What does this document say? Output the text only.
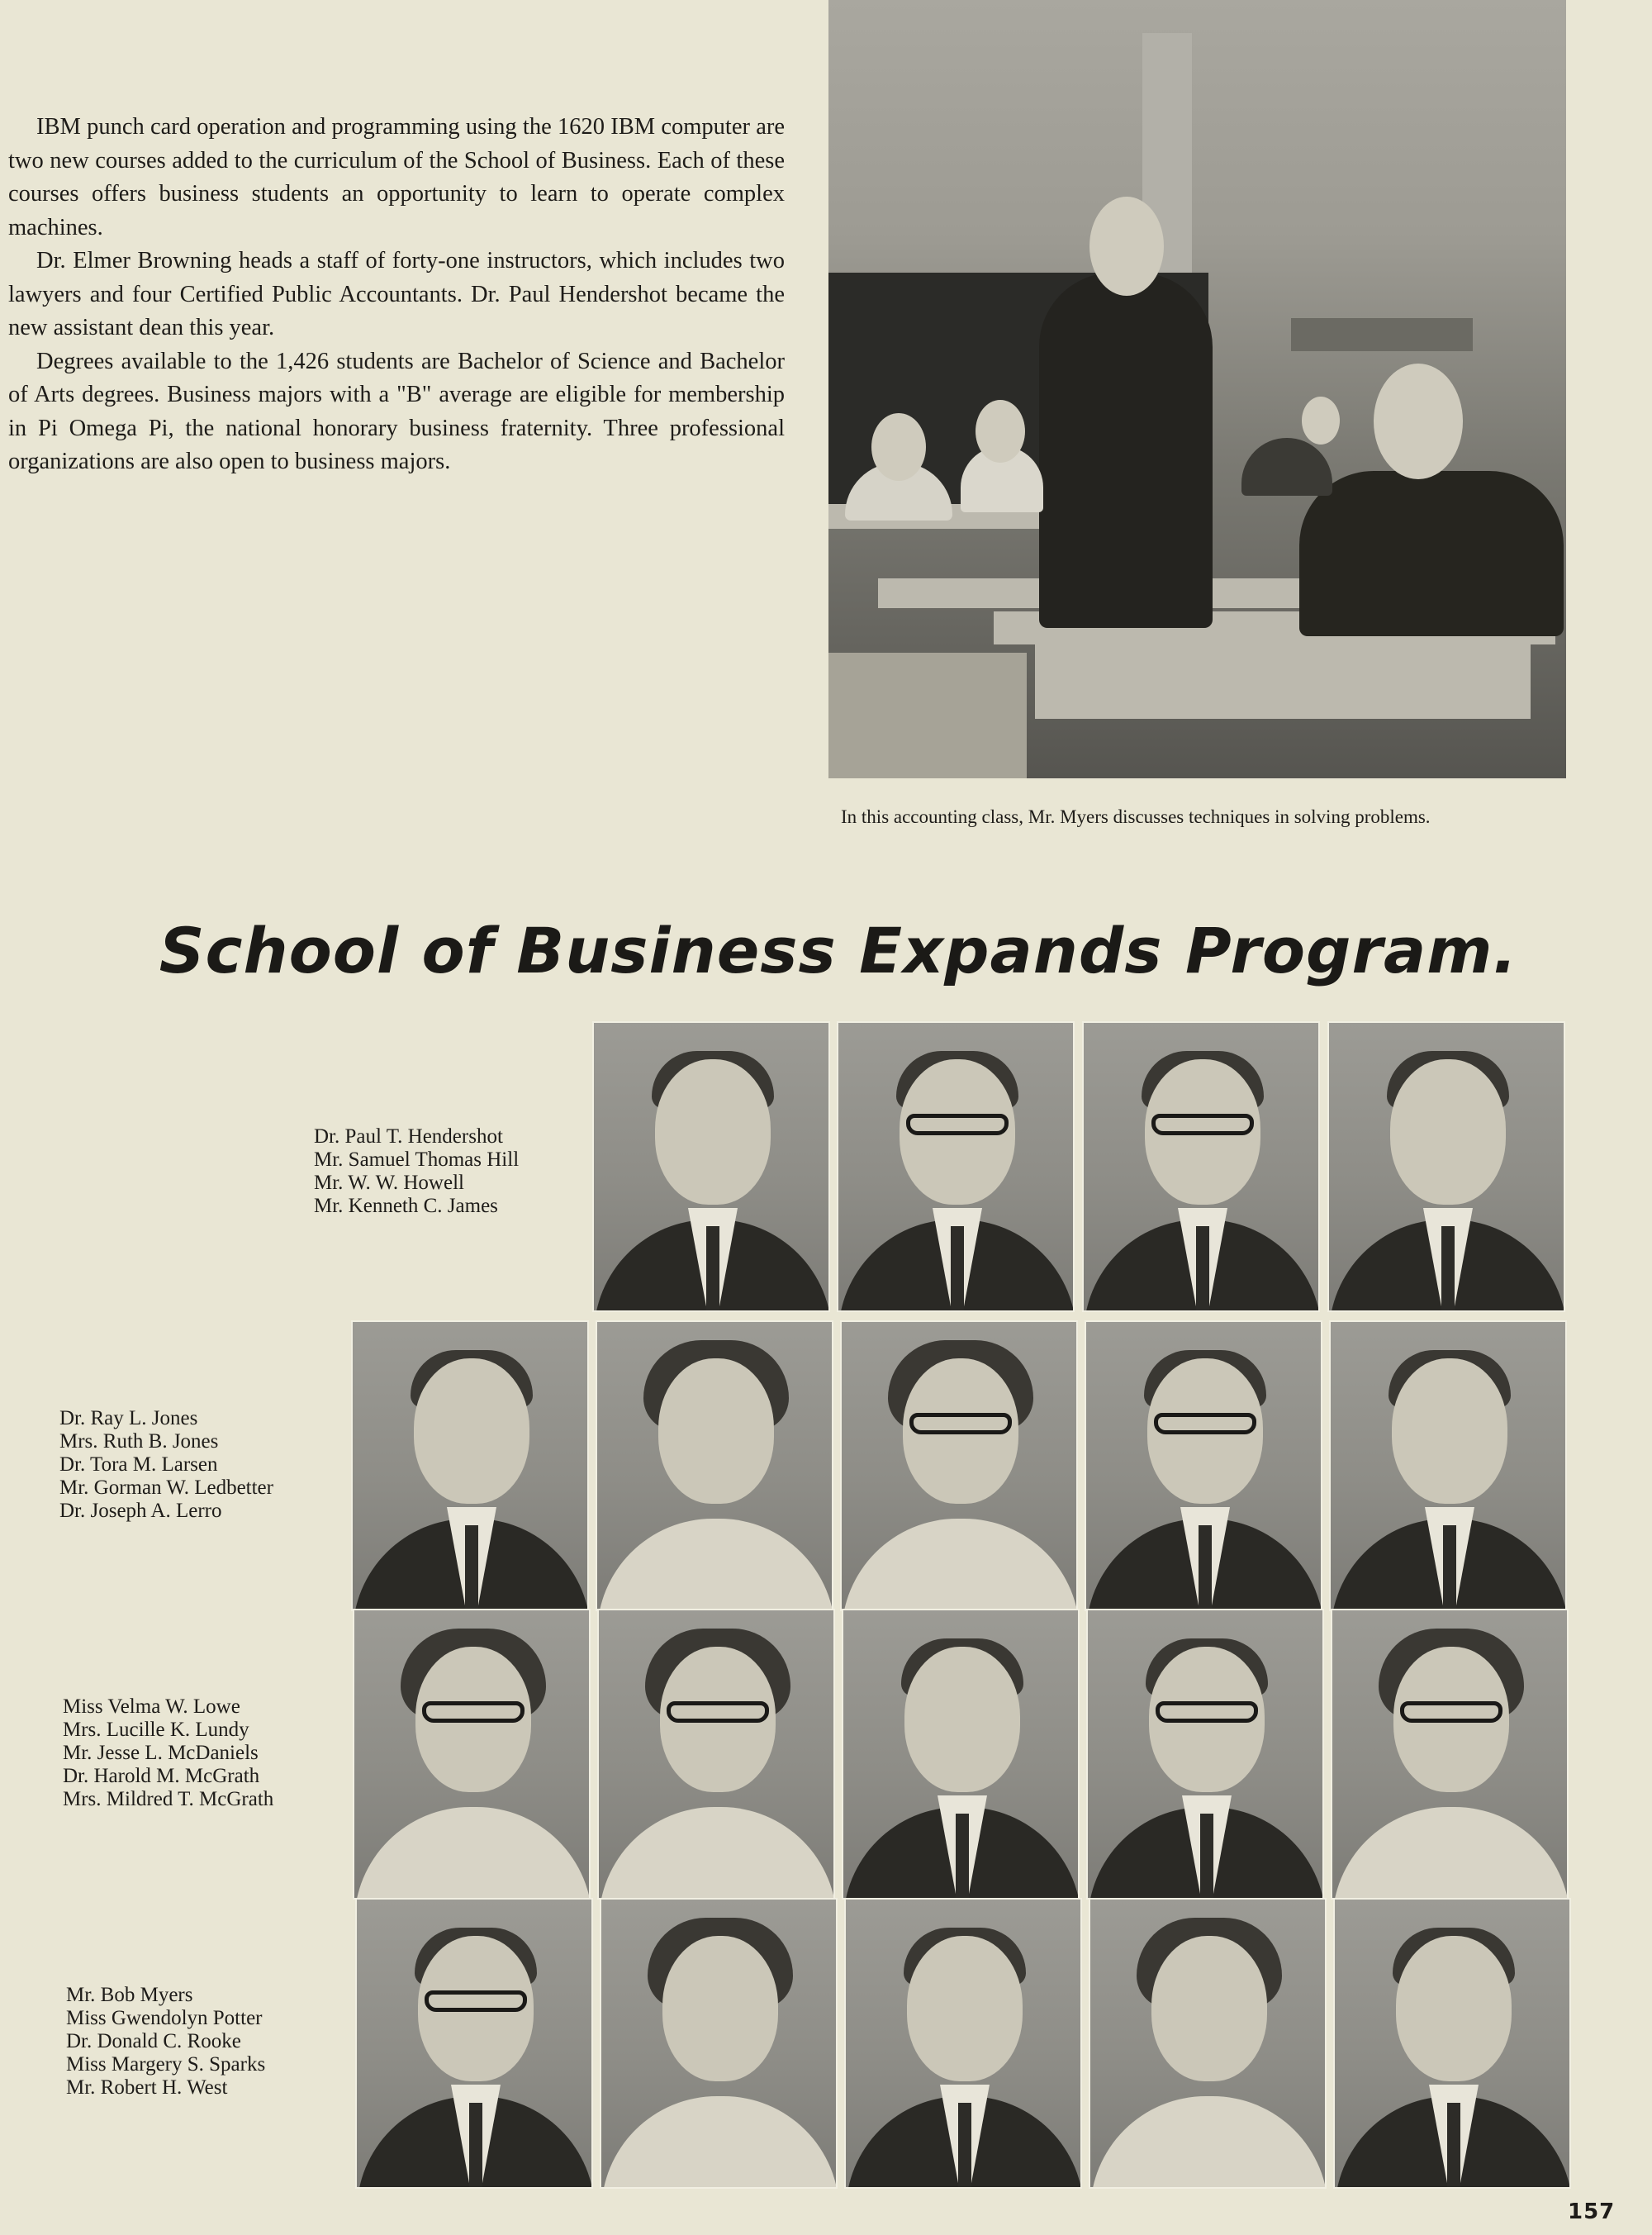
IBM punch card operation and programming using the 1620 IBM computer are two new courses added to the curriculum of the School of Business. Each of these courses offers business students an opportunity to learn to operate complex machines.

Dr. Elmer Browning heads a staff of forty-one instructors, which includes two lawyers and four Certified Public Accountants. Dr. Paul Hendershot became the new assistant dean this year.

Degrees available to the 1,426 students are Bachelor of Science and Bachelor of Arts degrees. Business majors with a "B" average are eligible for membership in Pi Omega Pi, the national honorary business fraternity. Three professional organizations are also open to business majors.

In this accounting class, Mr. Myers discusses techniques in solving problems.
School of Business Expands Program.
Dr. Paul T. Hendershot
Mr. Samuel Thomas Hill
Mr. W. W. Howell
Mr. Kenneth C. James
Dr. Ray L. Jones
Mrs. Ruth B. Jones
Dr. Tora M. Larsen
Mr. Gorman W. Ledbetter
Dr. Joseph A. Lerro
Miss Velma W. Lowe
Mrs. Lucille K. Lundy
Mr. Jesse L. McDaniels
Dr. Harold M. McGrath
Mrs. Mildred T. McGrath
Mr. Bob Myers
Miss Gwendolyn Potter
Dr. Donald C. Rooke
Miss Margery S. Sparks
Mr. Robert H. West
157
